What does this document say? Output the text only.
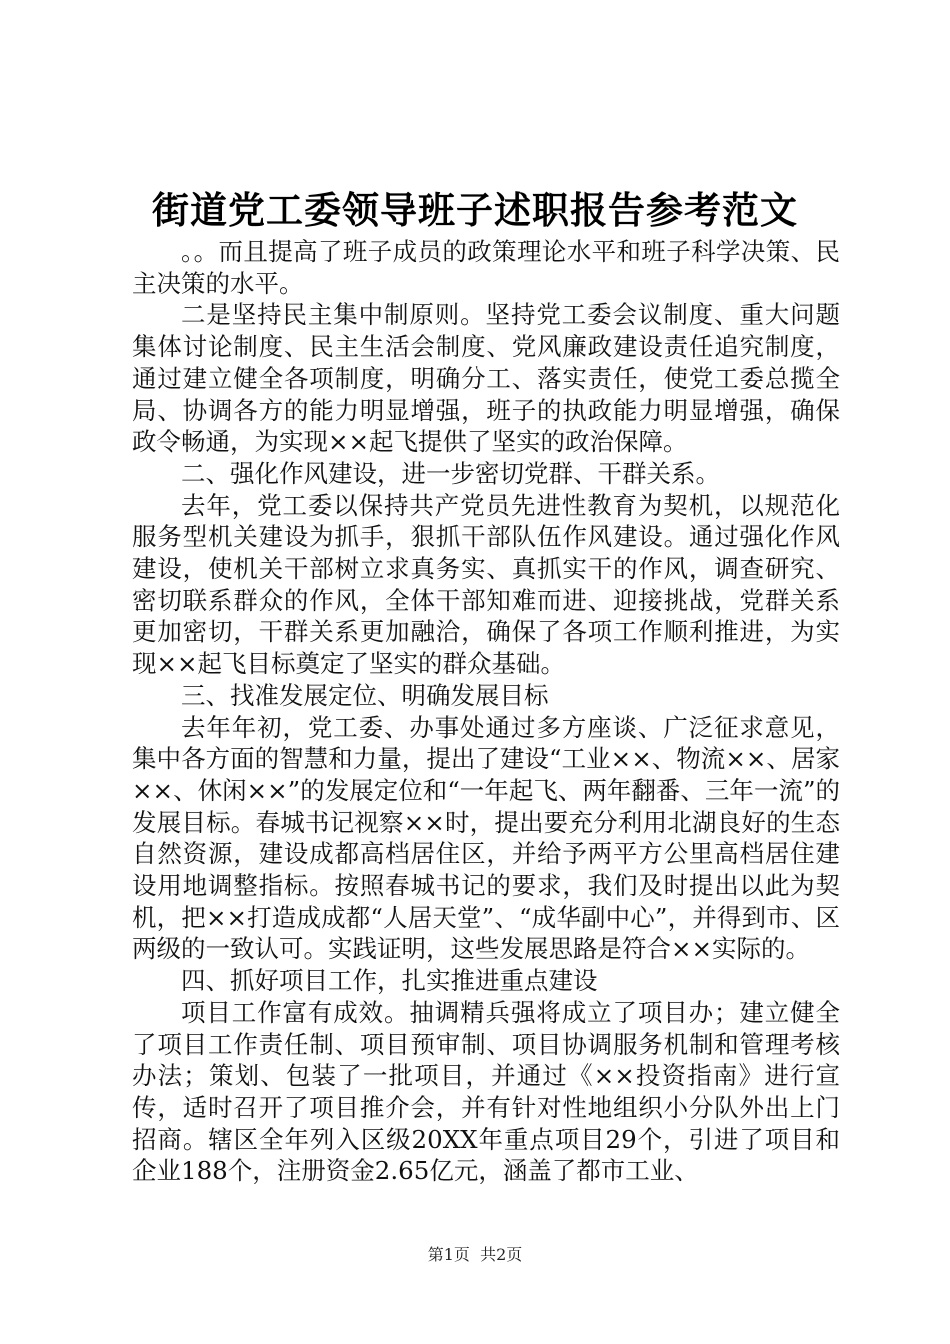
街道党工委领导班子述职报告参考范文

。。而且提高了班子成员的政策理论水平和班子科学决策、民主决策的水平。

二是坚持民主集中制原则。坚持党工委会议制度、重大问题集体讨论制度、民主生活会制度、党风廉政建设责任追究制度，通过建立健全各项制度，明确分工、落实责任，使党工委总揽全局、协调各方的能力明显增强，班子的执政能力明显增强，确保政令畅通，为实现××起飞提供了坚实的政治保障。

二、强化作风建设，进一步密切党群、干群关系。

去年，党工委以保持共产党员先进性教育为契机，以规范化服务型机关建设为抓手，狠抓干部队伍作风建设。通过强化作风建设，使机关干部树立求真务实、真抓实干的作风，调查研究、密切联系群众的作风，全体干部知难而进、迎接挑战，党群关系更加密切，干群关系更加融洽，确保了各项工作顺利推进，为实现××起飞目标奠定了坚实的群众基础。

三、找准发展定位、明确发展目标

去年年初，党工委、办事处通过多方座谈、广泛征求意见，集中各方面的智慧和力量，提出了建设“工业××、物流××、居家××、休闲××”的发展定位和“一年起飞、两年翻番、三年一流”的发展目标。春城书记视察××时，提出要充分利用北湖良好的生态自然资源，建设成都高档居住区，并给予两平方公里高档居住建设用地调整指标。按照春城书记的要求，我们及时提出以此为契机，把××打造成成都“人居天堂”、“成华副中心”，并得到市、区两级的一致认可。实践证明，这些发展思路是符合××实际的。

四、抓好项目工作，扎实推进重点建设

项目工作富有成效。抽调精兵强将成立了项目办；建立健全了项目工作责任制、项目预审制、项目协调服务机制和管理考核办法；策划、包装了一批项目，并通过《××投资指南》进行宣传，适时召开了项目推介会，并有针对性地组织小分队外出上门招商。辖区全年列入区级20XX年重点项目29个，引进了项目和企业188个，注册资金2.65亿元，涵盖了都市工业、

第1页  共2页
